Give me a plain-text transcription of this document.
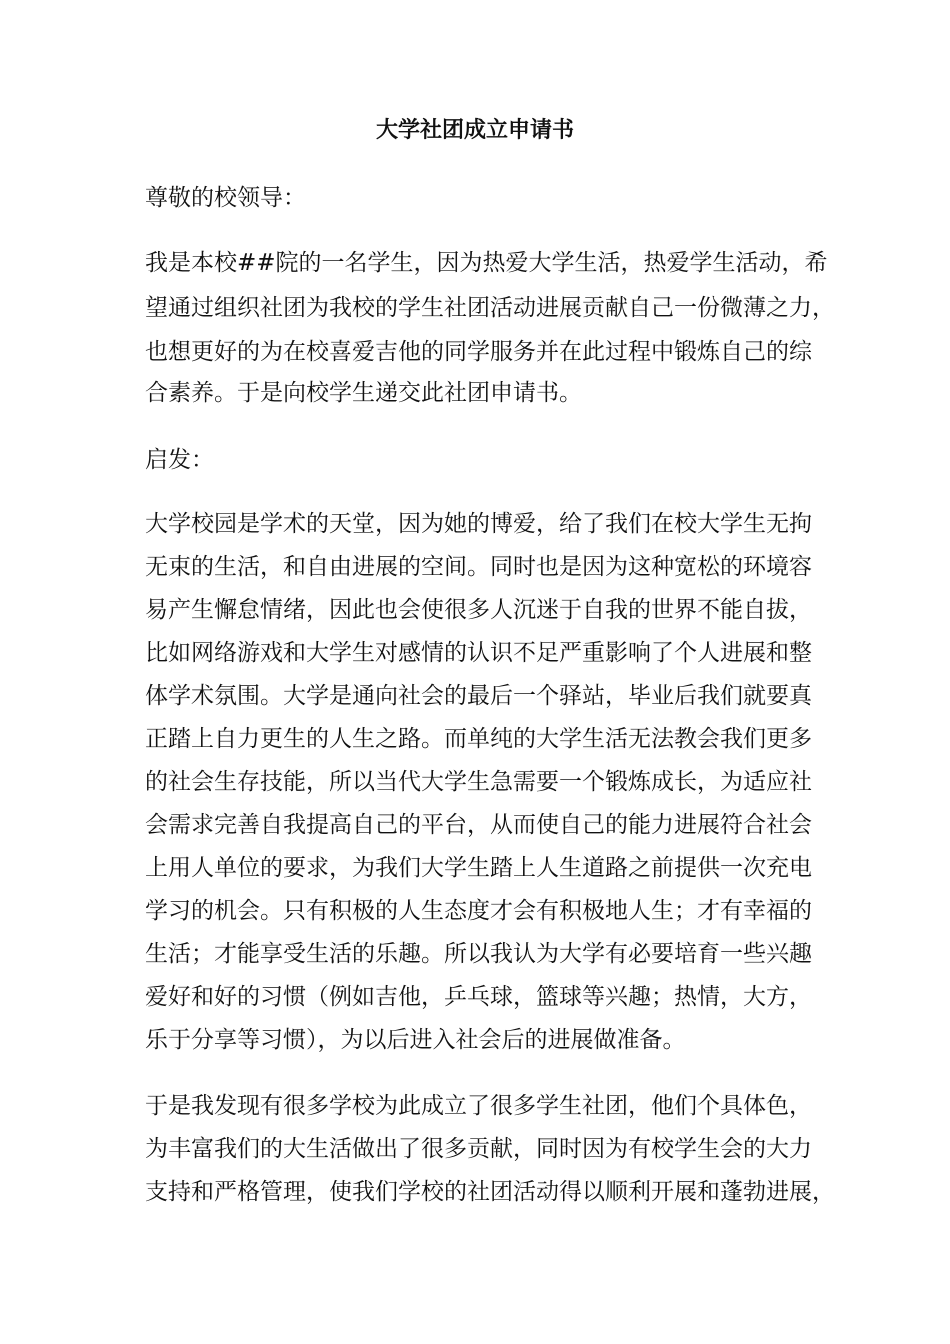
大学社团成立申请书

尊敬的校领导：

我是本校##院的一名学生，因为热爱大学生活，热爱学生活动，希

望通过组织社团为我校的学生社团活动进展贡献自己一份微薄之力，

也想更好的为在校喜爱吉他的同学服务并在此过程中锻炼自己的综

合素养。于是向校学生递交此社团申请书。

启发：

大学校园是学术的天堂，因为她的博爱，给了我们在校大学生无拘

无束的生活，和自由进展的空间。同时也是因为这种宽松的环境容

易产生懈怠情绪，因此也会使很多人沉迷于自我的世界不能自拔，

比如网络游戏和大学生对感情的认识不足严重影响了个人进展和整

体学术氛围。大学是通向社会的最后一个驿站，毕业后我们就要真

正踏上自力更生的人生之路。而单纯的大学生活无法教会我们更多

的社会生存技能，所以当代大学生急需要一个锻炼成长，为适应社

会需求完善自我提高自己的平台，从而使自己的能力进展符合社会

上用人单位的要求，为我们大学生踏上人生道路之前提供一次充电

学习的机会。只有积极的人生态度才会有积极地人生；才有幸福的

生活；才能享受生活的乐趣。所以我认为大学有必要培育一些兴趣

爱好和好的习惯（例如吉他，乒乓球，篮球等兴趣；热情，大方，

乐于分享等习惯），为以后进入社会后的进展做准备。

于是我发现有很多学校为此成立了很多学生社团，他们个具体色，

为丰富我们的大生活做出了很多贡献，同时因为有校学生会的大力

支持和严格管理，使我们学校的社团活动得以顺利开展和蓬勃进展，
